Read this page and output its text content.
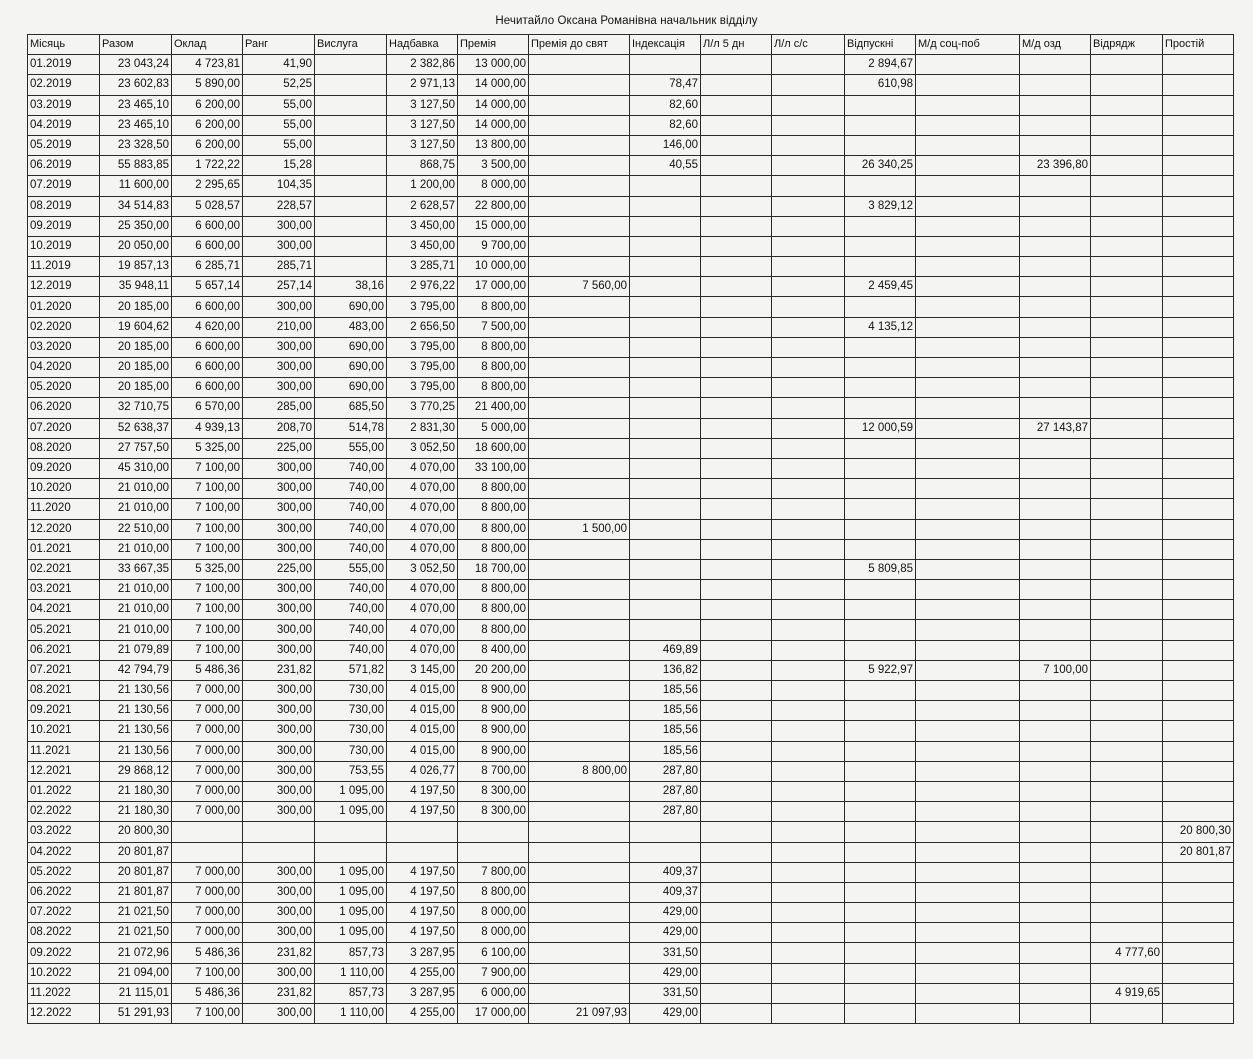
Нечитайло Оксана Романівна начальник відділу
Місяць	Разом	Оклад	Ранг	Вислуга	Надбавка	Премія	Премія до свят	Індексація	Л/л 5 дн	Л/л с/с	Відпускні	М/д соц-поб	М/д озд	Відрядж	Простій
01.2019	23 043,24	4 723,81	41,90		2 382,86	13 000,00					2 894,67				
02.2019	23 602,83	5 890,00	52,25		2 971,13	14 000,00		78,47			610,98				
03.2019	23 465,10	6 200,00	55,00		3 127,50	14 000,00		82,60							
04.2019	23 465,10	6 200,00	55,00		3 127,50	14 000,00		82,60							
05.2019	23 328,50	6 200,00	55,00		3 127,50	13 800,00		146,00							
06.2019	55 883,85	1 722,22	15,28		868,75	3 500,00		40,55			26 340,25		23 396,80		
07.2019	11 600,00	2 295,65	104,35		1 200,00	8 000,00									
08.2019	34 514,83	5 028,57	228,57		2 628,57	22 800,00					3 829,12				
09.2019	25 350,00	6 600,00	300,00		3 450,00	15 000,00									
10.2019	20 050,00	6 600,00	300,00		3 450,00	9 700,00									
11.2019	19 857,13	6 285,71	285,71		3 285,71	10 000,00									
12.2019	35 948,11	5 657,14	257,14	38,16	2 976,22	17 000,00	7 560,00				2 459,45				
01.2020	20 185,00	6 600,00	300,00	690,00	3 795,00	8 800,00									
02.2020	19 604,62	4 620,00	210,00	483,00	2 656,50	7 500,00					4 135,12				
03.2020	20 185,00	6 600,00	300,00	690,00	3 795,00	8 800,00									
04.2020	20 185,00	6 600,00	300,00	690,00	3 795,00	8 800,00									
05.2020	20 185,00	6 600,00	300,00	690,00	3 795,00	8 800,00									
06.2020	32 710,75	6 570,00	285,00	685,50	3 770,25	21 400,00									
07.2020	52 638,37	4 939,13	208,70	514,78	2 831,30	5 000,00					12 000,59		27 143,87		
08.2020	27 757,50	5 325,00	225,00	555,00	3 052,50	18 600,00									
09.2020	45 310,00	7 100,00	300,00	740,00	4 070,00	33 100,00									
10.2020	21 010,00	7 100,00	300,00	740,00	4 070,00	8 800,00									
11.2020	21 010,00	7 100,00	300,00	740,00	4 070,00	8 800,00									
12.2020	22 510,00	7 100,00	300,00	740,00	4 070,00	8 800,00	1 500,00								
01.2021	21 010,00	7 100,00	300,00	740,00	4 070,00	8 800,00									
02.2021	33 667,35	5 325,00	225,00	555,00	3 052,50	18 700,00					5 809,85				
03.2021	21 010,00	7 100,00	300,00	740,00	4 070,00	8 800,00									
04.2021	21 010,00	7 100,00	300,00	740,00	4 070,00	8 800,00									
05.2021	21 010,00	7 100,00	300,00	740,00	4 070,00	8 800,00									
06.2021	21 079,89	7 100,00	300,00	740,00	4 070,00	8 400,00		469,89							
07.2021	42 794,79	5 486,36	231,82	571,82	3 145,00	20 200,00		136,82			5 922,97		7 100,00		
08.2021	21 130,56	7 000,00	300,00	730,00	4 015,00	8 900,00		185,56							
09.2021	21 130,56	7 000,00	300,00	730,00	4 015,00	8 900,00		185,56							
10.2021	21 130,56	7 000,00	300,00	730,00	4 015,00	8 900,00		185,56							
11.2021	21 130,56	7 000,00	300,00	730,00	4 015,00	8 900,00		185,56							
12.2021	29 868,12	7 000,00	300,00	753,55	4 026,77	8 700,00	8 800,00	287,80							
01.2022	21 180,30	7 000,00	300,00	1 095,00	4 197,50	8 300,00		287,80							
02.2022	21 180,30	7 000,00	300,00	1 095,00	4 197,50	8 300,00		287,80							
03.2022	20 800,30														20 800,30
04.2022	20 801,87														20 801,87
05.2022	20 801,87	7 000,00	300,00	1 095,00	4 197,50	7 800,00		409,37							
06.2022	21 801,87	7 000,00	300,00	1 095,00	4 197,50	8 800,00		409,37							
07.2022	21 021,50	7 000,00	300,00	1 095,00	4 197,50	8 000,00		429,00							
08.2022	21 021,50	7 000,00	300,00	1 095,00	4 197,50	8 000,00		429,00							
09.2022	21 072,96	5 486,36	231,82	857,73	3 287,95	6 100,00		331,50						4 777,60	
10.2022	21 094,00	7 100,00	300,00	1 110,00	4 255,00	7 900,00		429,00							
11.2022	21 115,01	5 486,36	231,82	857,73	3 287,95	6 000,00		331,50						4 919,65	
12.2022	51 291,93	7 100,00	300,00	1 110,00	4 255,00	17 000,00	21 097,93	429,00							
